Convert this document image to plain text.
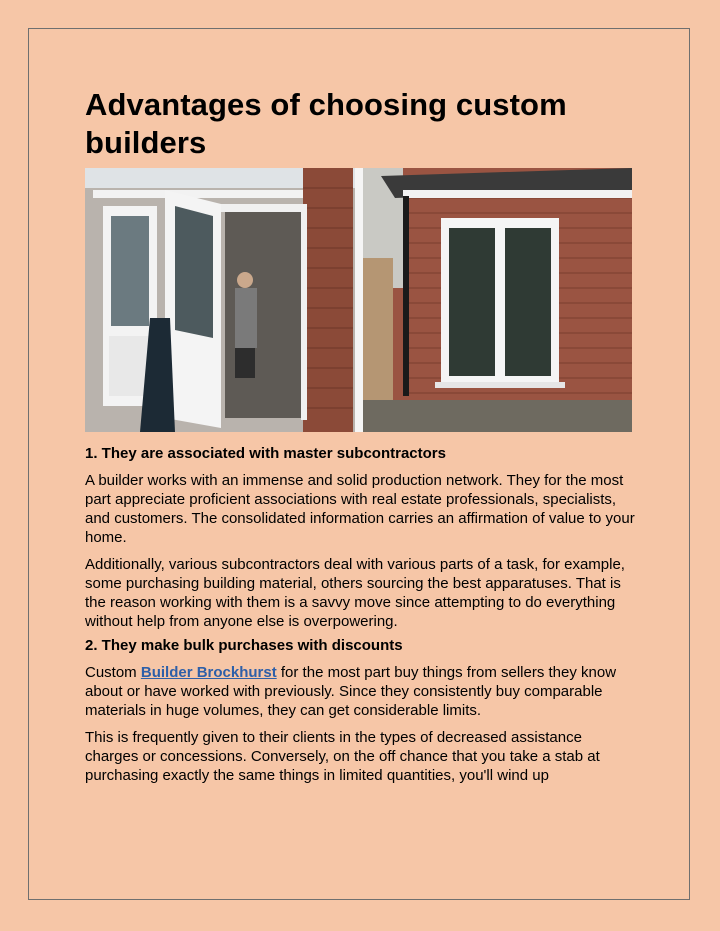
Advantages of choosing custom builders
1. They are associated with master subcontractors

A builder works with an immense and solid production network. They for the most part appreciate proficient associations with real estate professionals, specialists, and customers. The consolidated information carries an affirmation of value to your home.

Additionally, various subcontractors deal with various parts of a task, for example, some purchasing building material, others sourcing the best apparatuses. That is the reason working with them is a savvy move since attempting to do everything without help from anyone else is overpowering.

2. They make bulk purchases with discounts

Custom Builder Brockhurst for the most part buy things from sellers they know about or have worked with previously. Since they consistently buy comparable materials in huge volumes, they can get considerable limits.

This is frequently given to their clients in the types of decreased assistance charges or concessions. Conversely, on the off chance that you take a stab at purchasing exactly the same things in limited quantities, you'll wind up
